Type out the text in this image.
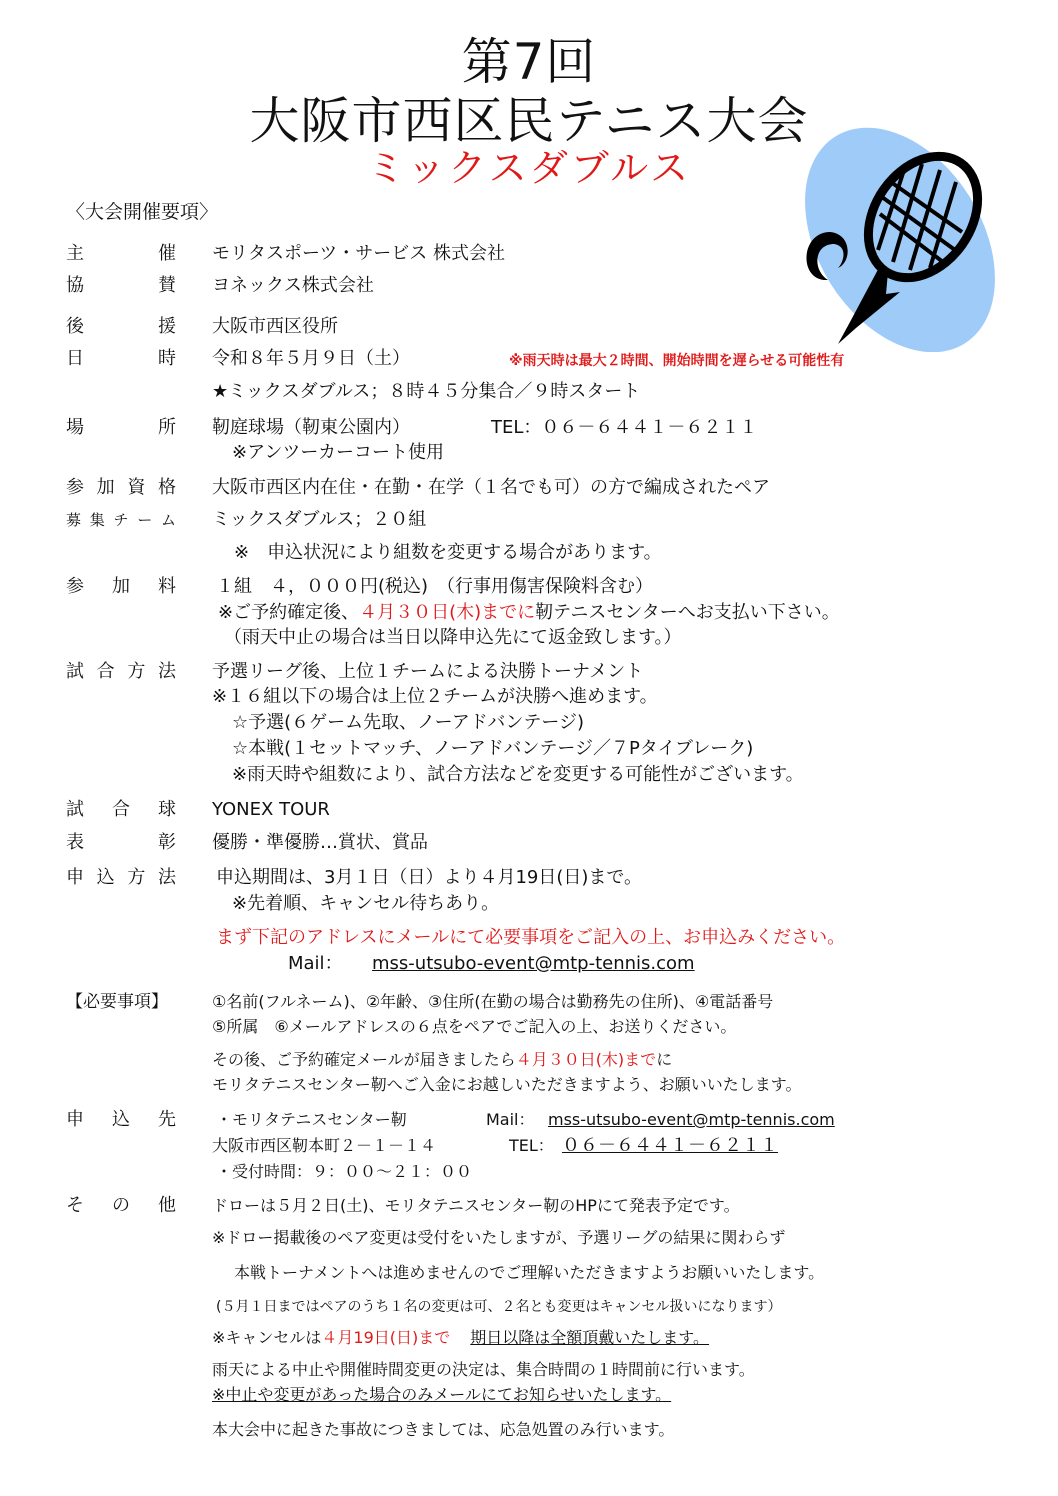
第7回
大阪市西区民テニス大会
ミックスダブルス
〈大会開催要項〉
主	催 モリタスポーツ・サービス 株式会社
協	賛 ヨネックス株式会社
後	援 大阪市西区役所
日	時 令和８年５月９日（土）	※雨天時は最大２時間、開始時間を遅らせる可能性有
★ミックスダブルス；８時４５分集合／９時スタート
場	所 靭庭球場（靭東公園内）	TEL：０６－６４４１－６２１１
※アンツーカーコート使用
参 加 資 格 大阪市西区内在住・在勤・在学（１名でも可）の方で編成されたペア
募 集 チ ー ム ミックスダブルス；２０組
※　申込状況により組数を変更する場合があります。
参 加 料 １組　４，０００円(税込)　（行事用傷害保険料含む）
※ご予約確定後、４月３０日(木)までに靭テニスセンターへお支払い下さい。
（雨天中止の場合は当日以降申込先にて返金致します。）
試 合 方 法 予選リーグ後、上位１チームによる決勝トーナメント
※１６組以下の場合は上位２チームが決勝へ進めます。
☆予選(６ゲーム先取、ノーアドバンテージ)
☆本戦(１セットマッチ、ノーアドバンテージ／７Pタイブレーク)
※雨天時や組数により、試合方法などを変更する可能性がございます。
試 合 球 YONEX TOUR
表	彰 優勝・準優勝…賞状、賞品
申 込 方 法 申込期間は、3月１日（日）より４月19日(日)まで。
※先着順、キャンセル待ちあり。
まず下記のアドレスにメールにて必要事項をご記入の上、お申込みください。
Mail： mss-utsubo-event@mtp-tennis.com
【必要事項】	①名前(フルネーム)、②年齢、③住所(在勤の場合は勤務先の住所)、④電話番号
⑤所属　⑥メールアドレスの６点をペアでご記入の上、お送りください。
その後、ご予約確定メールが届きましたら４月３０日(木)までに
モリタテニスセンター靭へご入金にお越しいただきますよう、お願いいたします。
申 込 先	・モリタテニスセンター靭	Mail： mss-utsubo-event@mtp-tennis.com
大阪市西区靭本町２－１－１４	TEL： ０６－６４４１－６２１１
・受付時間：９：００～２１：００
そ の 他 ドローは５月２日(土)、モリタテニスセンター靭のHPにて発表予定です。
※ドロー掲載後のペア変更は受付をいたしますが、予選リーグの結果に関わらず
本戦トーナメントへは進めませんのでご理解いただきますようお願いいたします。
(５月１日まではペアのうち１名の変更は可、２名とも変更はキャンセル扱いになります）
※キャンセルは４月19日(日)まで 期日以降は全額頂戴いたします。
雨天による中止や開催時間変更の決定は、集合時間の１時間前に行います。
※中止や変更があった場合のみメールにてお知らせいたします。
本大会中に起きた事故につきましては、応急処置のみ行います。
